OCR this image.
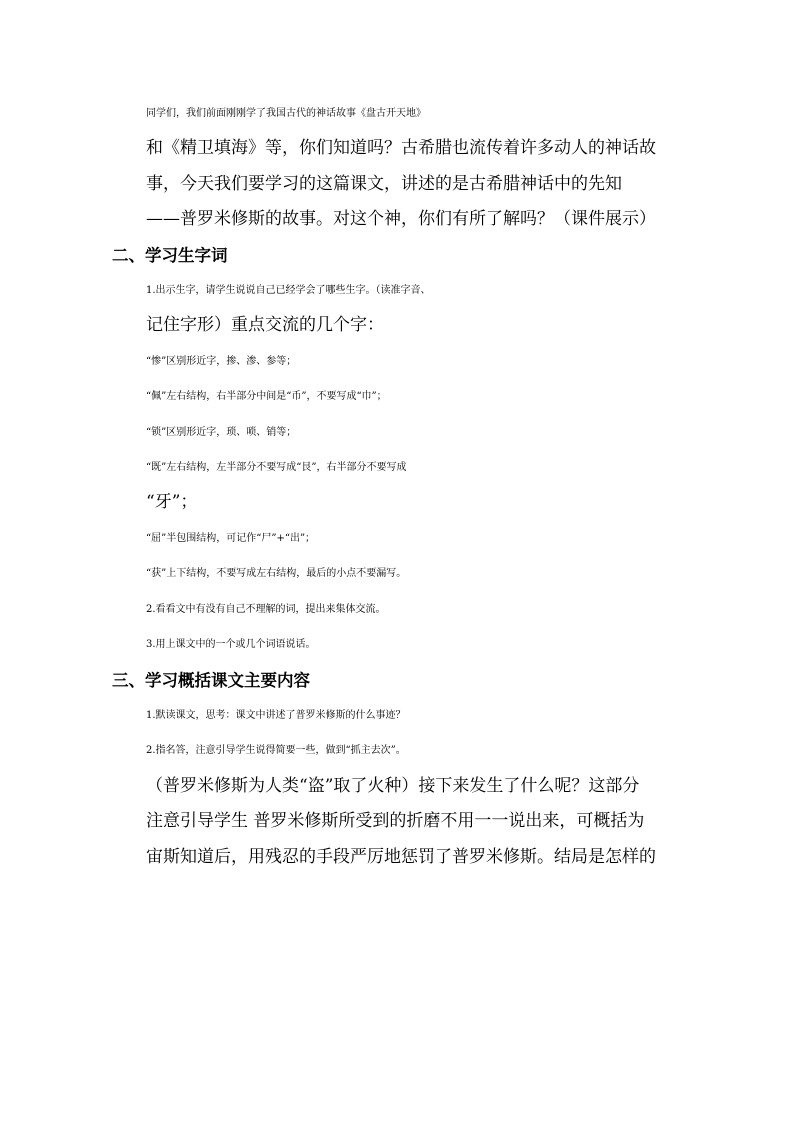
同学们，我们前面刚刚学了我国古代的神话故事《盘古开天地》
和《精卫填海》等，你们知道吗？古希腊也流传着许多动人的神话故
事，今天我们要学习的这篇课文，讲述的是古希腊神话中的先知
——普罗米修斯的故事。对这个神，你们有所了解吗？（课件展示）

二、学习生字词

1.出示生字，请学生说说自己已经学会了哪些生字。（读准字音、
记住字形）重点交流的几个字：

“惨”区别形近字，掺、渗、参等；

“佩”左右结构，右半部分中间是“币”，不要写成“巾”；

“锁”区别形近字，琐、唢、销等；

“既”左右结构，左半部分不要写成“艮”，右半部分不要写成
“牙”；

“屈”半包围结构，可记作“尸”+“出”；

“获”上下结构，不要写成左右结构，最后的小点不要漏写。

2.看看文中有没有自己不理解的词，提出来集体交流。

3.用上课文中的一个或几个词语说话。

三、学习概括课文主要内容

1.默读课文，思考：课文中讲述了普罗米修斯的什么事迹？

2.指名答，注意引导学生说得简要一些，做到“抓主去次”。
（普罗米修斯为人类“盗”取了火种）接下来发生了什么呢？这部分
注意引导学生 普罗米修斯所受到的折磨不用一一说出来，可概括为
宙斯知道后，用残忍的手段严厉地惩罚了普罗米修斯。结局是怎样的
